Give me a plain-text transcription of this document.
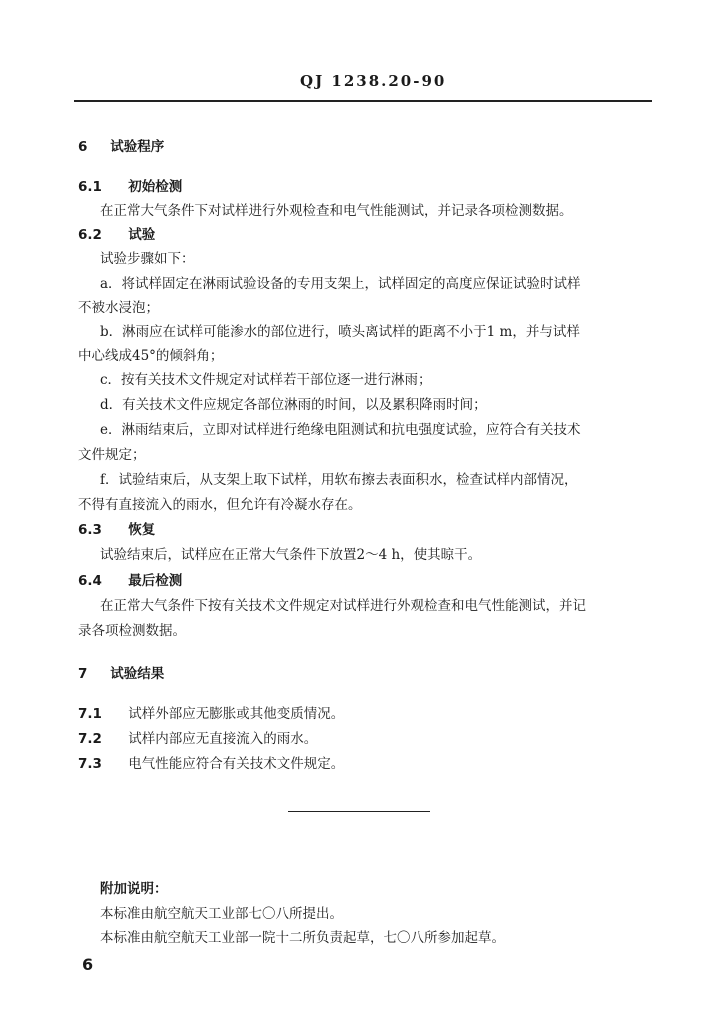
QJ 1238.20-90
6 试验程序
6.1 初始检测
在正常大气条件下对试样进行外观检查和电气性能测试，并记录各项检测数据。
6.2 试验
试验步骤如下：
a．将试样固定在淋雨试验设备的专用支架上，试样固定的高度应保证试验时试样
不被水浸泡；
b．淋雨应在试样可能渗水的部位进行，喷头离试样的距离不小于1 m，并与试样
中心线成45°的倾斜角；
c．按有关技术文件规定对试样若干部位逐一进行淋雨；
d．有关技术文件应规定各部位淋雨的时间，以及累积降雨时间；
e．淋雨结束后，立即对试样进行绝缘电阻测试和抗电强度试验，应符合有关技术
文件规定；
f．试验结束后，从支架上取下试样，用软布擦去表面积水，检查试样内部情况，
不得有直接流入的雨水，但允许有冷凝水存在。
6.3 恢复
试验结束后，试样应在正常大气条件下放置2～4 h，使其晾干。
6.4 最后检测
在正常大气条件下按有关技术文件规定对试样进行外观检查和电气性能测试，并记
录各项检测数据。
7 试验结果
7.1 试样外部应无膨胀或其他变质情况。
7.2 试样内部应无直接流入的雨水。
7.3 电气性能应符合有关技术文件规定。
附加说明：
本标准由航空航天工业部七〇八所提出。
本标准由航空航天工业部一院十二所负责起草，七〇八所参加起草。
6
